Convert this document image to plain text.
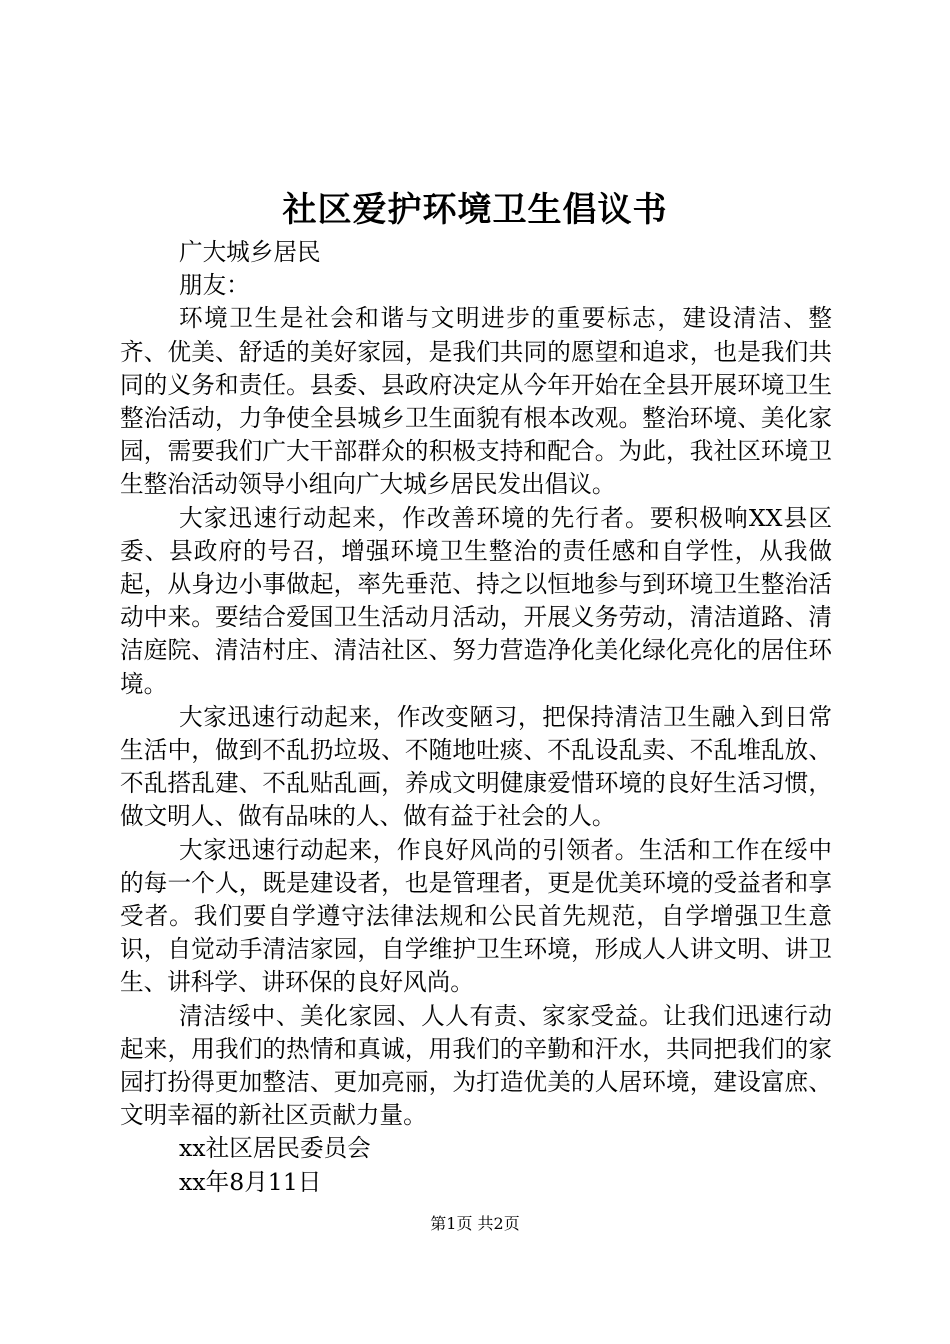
社区爱护环境卫生倡议书

广大城乡居民

朋友：

环境卫生是社会和谐与文明进步的重要标志，建设清洁、整齐、优美、舒适的美好家园，是我们共同的愿望和追求，也是我们共同的义务和责任。县委、县政府决定从今年开始在全县开展环境卫生整治活动，力争使全县城乡卫生面貌有根本改观。整治环境、美化家园，需要我们广大干部群众的积极支持和配合。为此，我社区环境卫生整治活动领导小组向广大城乡居民发出倡议。

大家迅速行动起来，作改善环境的先行者。要积极响XX县区委、县政府的号召，增强环境卫生整治的责任感和自学性，从我做起，从身边小事做起，率先垂范、持之以恒地参与到环境卫生整治活动中来。要结合爱国卫生活动月活动，开展义务劳动，清洁道路、清洁庭院、清洁村庄、清洁社区、努力营造净化美化绿化亮化的居住环境。

大家迅速行动起来，作改变陋习，把保持清洁卫生融入到日常生活中，做到不乱扔垃圾、不随地吐痰、不乱设乱卖、不乱堆乱放、不乱搭乱建、不乱贴乱画，养成文明健康爱惜环境的良好生活习惯，做文明人、做有品味的人、做有益于社会的人。

大家迅速行动起来，作良好风尚的引领者。生活和工作在绥中的每一个人，既是建设者，也是管理者，更是优美环境的受益者和享受者。我们要自学遵守法律法规和公民首先规范，自学增强卫生意识，自觉动手清洁家园，自学维护卫生环境，形成人人讲文明、讲卫生、讲科学、讲环保的良好风尚。

清洁绥中、美化家园、人人有责、家家受益。让我们迅速行动起来，用我们的热情和真诚，用我们的辛勤和汗水，共同把我们的家园打扮得更加整洁、更加亮丽，为打造优美的人居环境，建设富庶、文明幸福的新社区贡献力量。

xx社区居民委员会

xx年8月11日

第1页 共2页
